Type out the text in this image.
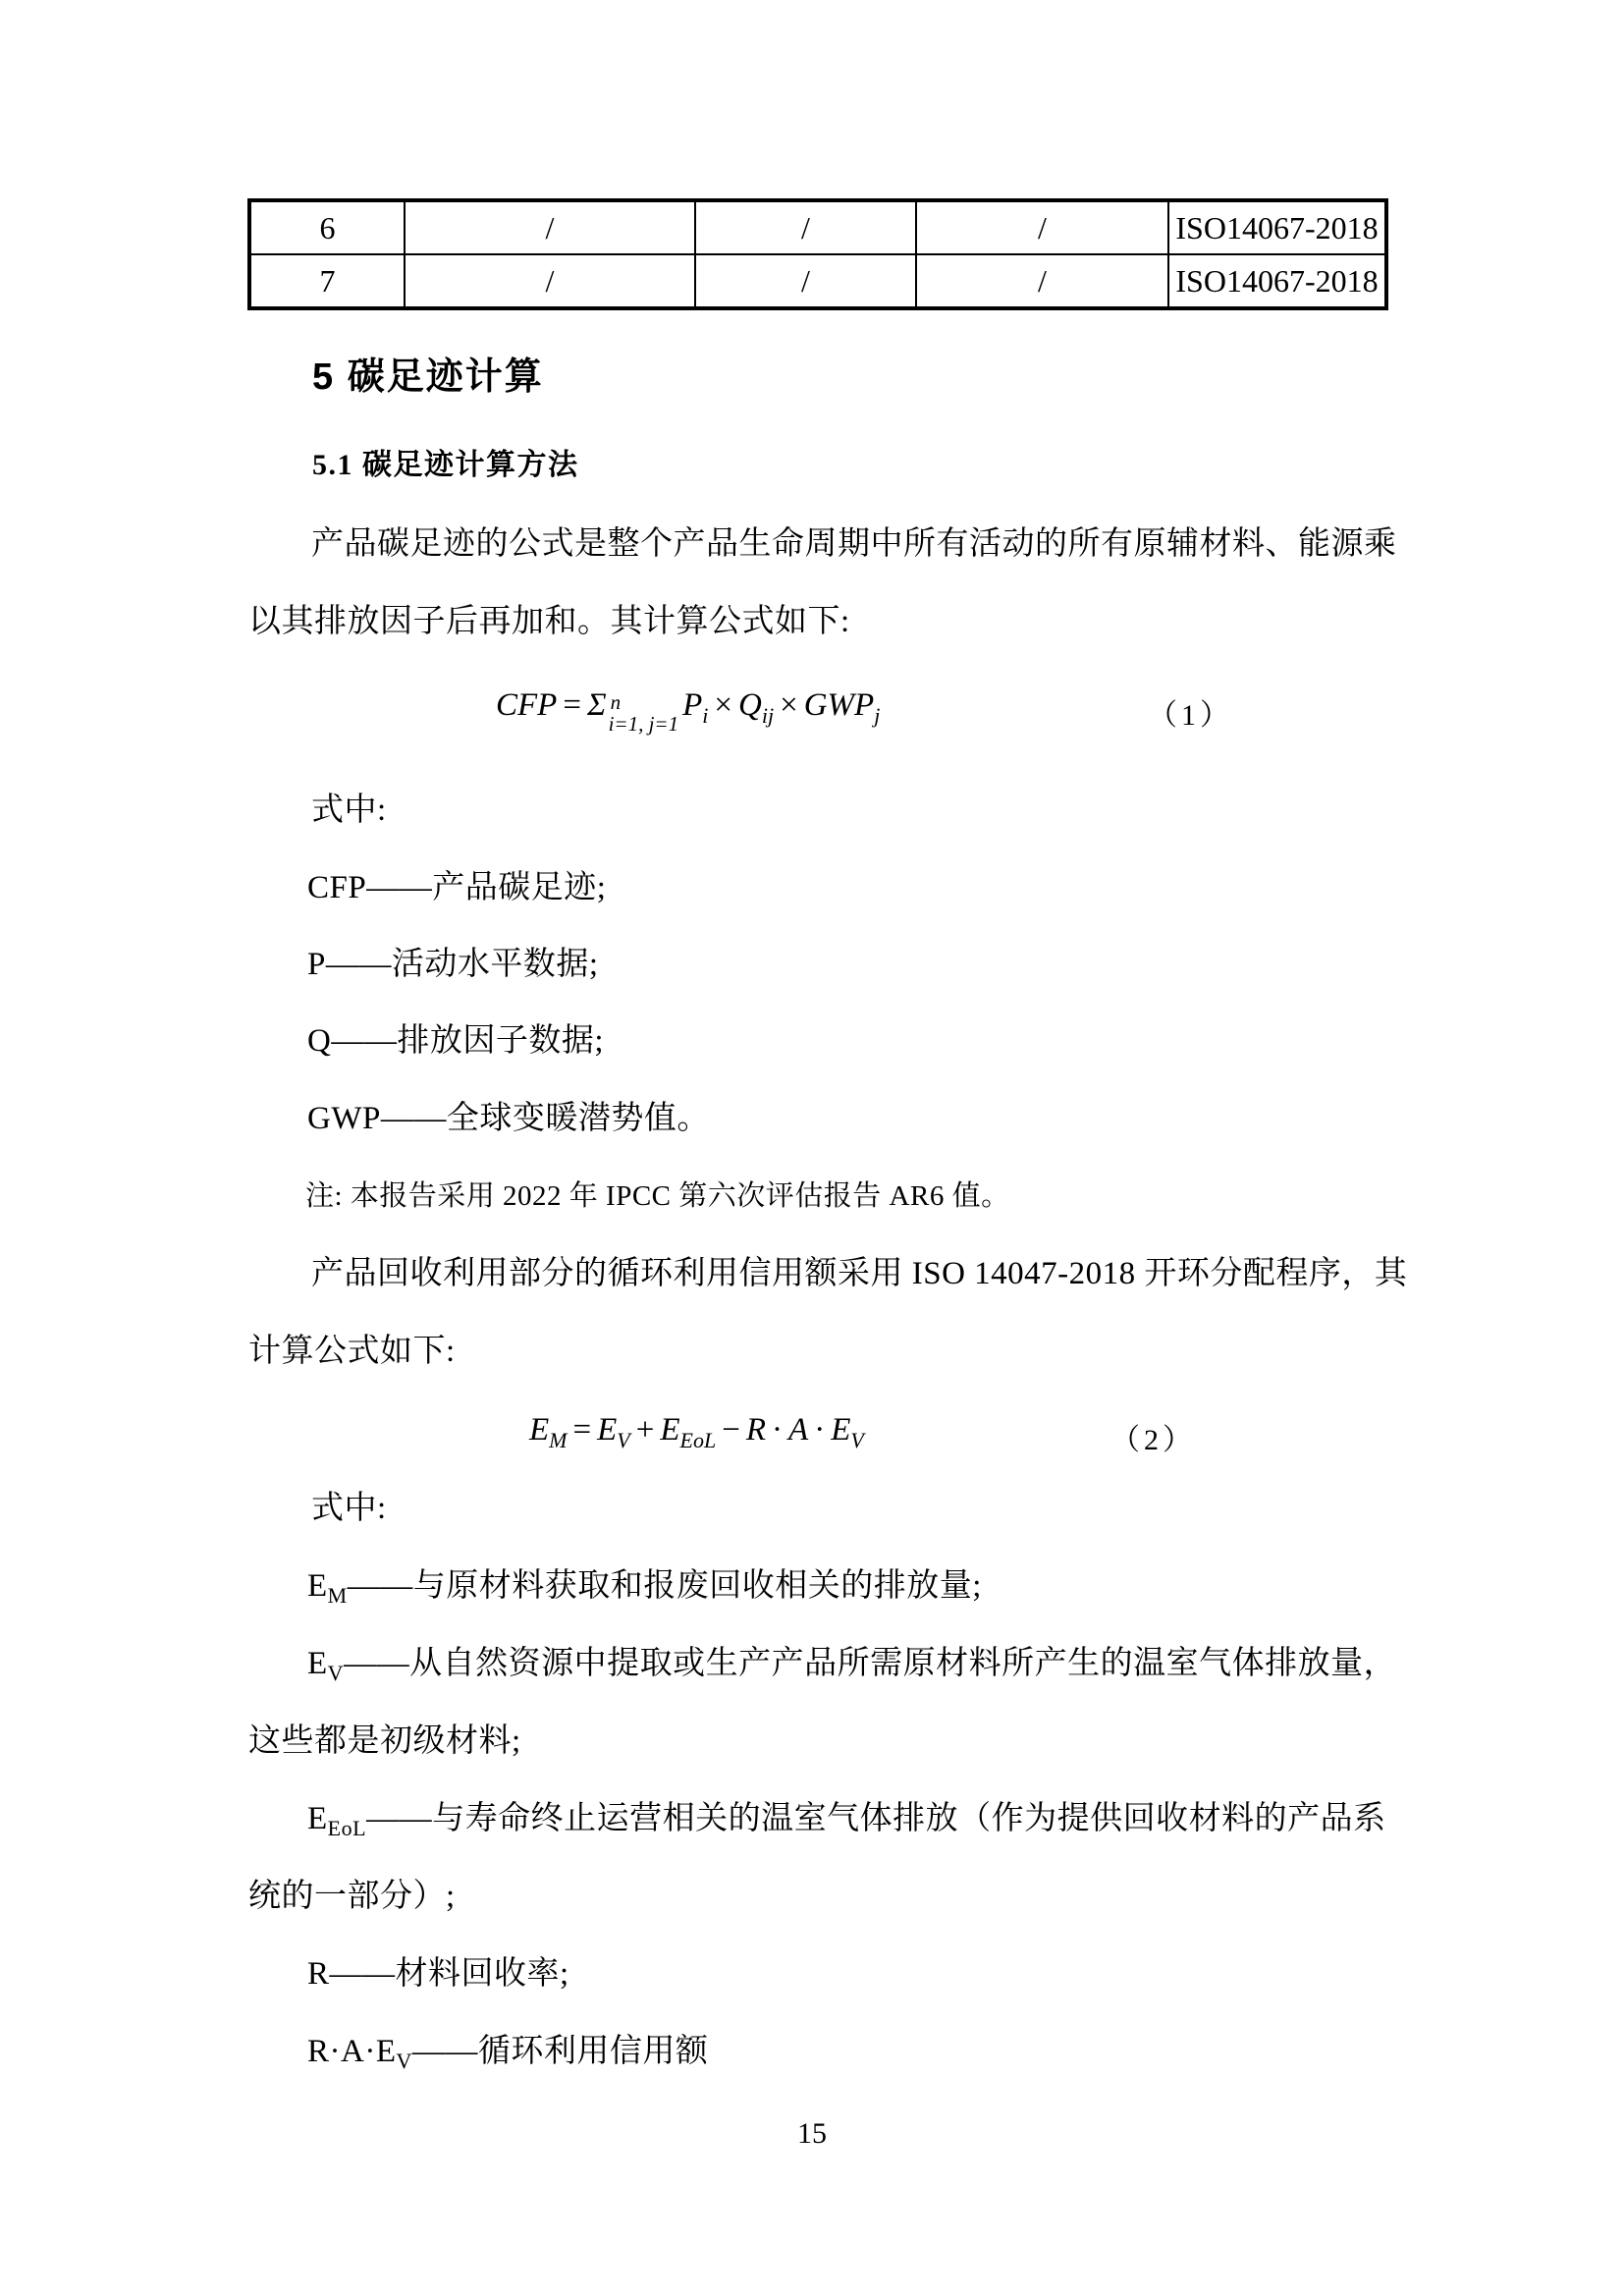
6	/	/	/	ISO14067-2018
7	/	/	/	ISO14067-2018
5 碳足迹计算
5.1 碳足迹计算方法
产品碳足迹的公式是整个产品生命周期中所有活动的所有原辅材料、能源乘
以其排放因子后再加和。其计算公式如下:
CFP = Σ n
i=1, j=1
$P_i \times Q_{ij} \times GWP_j$	（1）
式中:
CFP——产品碳足迹;
P——活动水平数据;
Q——排放因子数据;
GWP——全球变暖潜势值。
注: 本报告采用 2022 年 IPCC 第六次评估报告 AR6 值。
产品回收利用部分的循环利用信用额采用 ISO 14047-2018 开环分配程序，其
计算公式如下:
$E_M = E_V + E_{EoL} - R \cdot A \cdot E_V$	（2）
式中:
$E_M——$与原材料获取和报废回收相关的排放量;
$E_V——$从自然资源中提取或生产产品所需原材料所产生的温室气体排放量，
这些都是初级材料;
$E_{EoL}——$与寿命终止运营相关的温室气体排放（作为提供回收材料的产品系
统的一部分）;
R——材料回收率;
$R\cdot A\cdot E_V——$循环利用信用额
15
